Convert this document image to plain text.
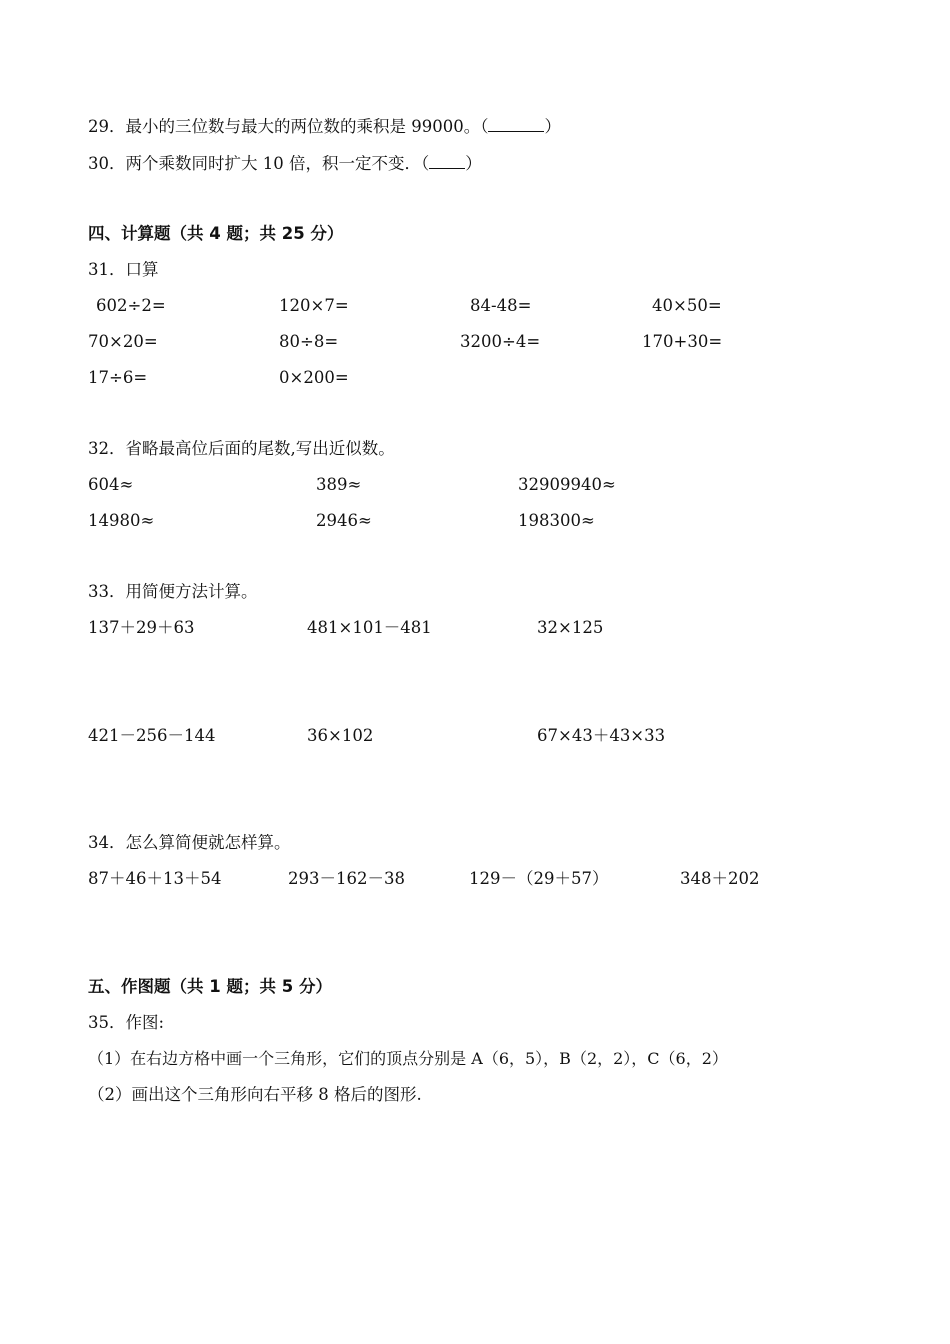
29．最小的三位数与最大的两位数的乘积是 99000。（	）
30．两个乘数同时扩大 10 倍，积一定不变．（ ）
四、计算题（共 4 题；共 25 分）
31．口算
602÷2=	120×7=	84-48=	40×50=
70×20=	80÷8=	3200÷4=	170+30=
17÷6=	0×200=
32．省略最高位后面的尾数,写出近似数。
604≈	389≈	32909940≈
14980≈	2946≈	198300≈
33．用简便方法计算。
137＋29＋63	481×101－481	32×125
421－256－144	36×102	67×43＋43×33
34．怎么算简便就怎样算。
87＋46＋13＋54	293－162－38	129－（29＋57）	348＋202
五、作图题（共 1 题；共 5 分）
35．作图:
（1）在右边方格中画一个三角形，它们的顶点分别是 A（6，5），B（2，2），C（6，2）
（2）画出这个三角形向右平移 8 格后的图形.
